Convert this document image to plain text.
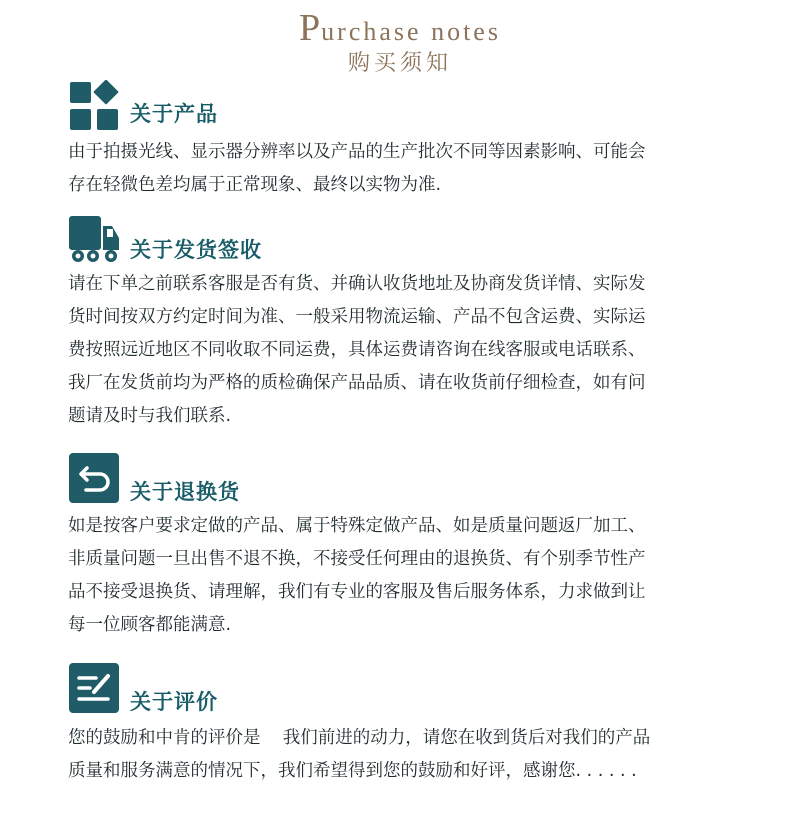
Purchase notes
购买须知
关于产品

由于拍摄光线、显示器分辨率以及产品的生产批次不同等因素影响、可能会

存在轻微色差均属于正常现象、最终以实物为准.

关于发货签收

请在下单之前联系客服是否有货、并确认收货地址及协商发货详情、实际发

货时间按双方约定时间为准、一般采用物流运输、产品不包含运费、实际运

费按照远近地区不同收取不同运费，具体运费请咨询在线客服或电话联系、

我厂在发货前均为严格的质检确保产品品质、请在收货前仔细检查，如有问

题请及时与我们联系.

关于退换货

如是按客户要求定做的产品、属于特殊定做产品、如是质量问题返厂加工、

非质量问题一旦出售不退不换，不接受任何理由的退换货、有个别季节性产

品不接受退换货、请理解，我们有专业的客服及售后服务体系，力求做到让

每一位顾客都能满意.

关于评价

您的鼓励和中肯的评价是    我们前进的动力，请您在收到货后对我们的产品

质量和服务满意的情况下，我们希望得到您的鼓励和好评，感谢您. . . . . .
